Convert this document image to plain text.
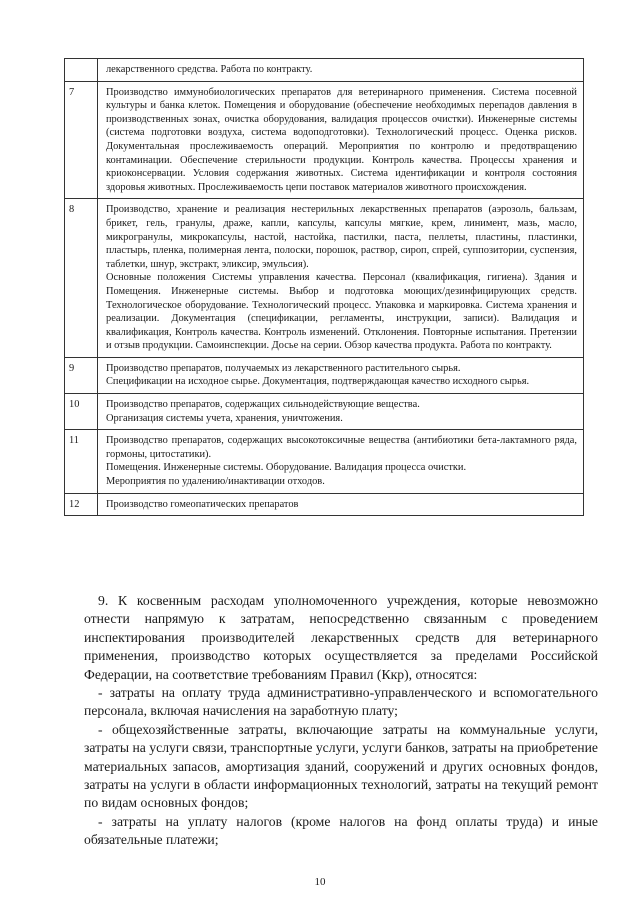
	лекарственного средства. Работа по контракту.

7	Производство иммунобиологических препаратов для ветеринарного применения. Система посевной культуры и банка клеток. Помещения и оборудование (обеспечение необходимых перепадов давления в производственных зонах, очистка оборудования, валидация процессов очистки). Инженерные системы (система подготовки воздуха, система водоподготовки). Технологический процесс. Оценка рисков. Документальная прослеживаемость операций. Мероприятия по контролю и предотвращению контаминации. Обеспечение стерильности продукции. Контроль качества. Процессы хранения и криоконсервации. Условия содержания животных. Система идентификации и контроля состояния здоровья животных. Прослеживаемость цепи поставок материалов животного происхождения.

8	Производство, хранение и реализация нестерильных лекарственных препаратов (аэрозоль, бальзам, брикет, гель, гранулы, драже, капли, капсулы, капсулы мягкие, крем, линимент, мазь, масло, микрогранулы, микрокапсулы, настой, настойка, пастилки, паста, пеллеты, пластины, пластинки, пластырь, пленка, полимерная лента, полоски, порошок, раствор, сироп, спрей, суппозитории, суспензия, таблетки, шнур, экстракт, эликсир, эмульсия).
Основные положения Системы управления качества. Персонал (квалификация, гигиена). Здания и Помещения. Инженерные системы. Выбор и подготовка моющих/дезинфицирующих средств. Технологическое оборудование. Технологический процесс. Упаковка и маркировка. Система хранения и реализации. Документация (спецификации, регламенты, инструкции, записи). Валидация и квалификация, Контроль качества. Контроль изменений. Отклонения. Повторные испытания. Претензии и отзыв продукции. Самоинспекции. Досье на серии. Обзор качества продукта. Работа по контракту.

9	Производство препаратов, получаемых из лекарственного растительного сырья.
Спецификации на исходное сырье. Документация, подтверждающая качество исходного сырья.

10	Производство препаратов, содержащих сильнодействующие вещества.
Организация системы учета, хранения, уничтожения.

11	Производство препаратов, содержащих высокотоксичные вещества (антибиотики бета-лактамного ряда, гормоны, цитостатики).
Помещения. Инженерные системы. Оборудование. Валидация процесса очистки.
Мероприятия по удалению/инактивации отходов.

12	Производство гомеопатических препаратов

9. К косвенным расходам уполномоченного учреждения, которые невозможно отнести напрямую к затратам, непосредственно связанным с проведением инспектирования производителей лекарственных средств для ветеринарного применения, производство которых осуществляется за пределами Российской Федерации, на соответствие требованиям Правил (Ккр), относятся:

- затраты на оплату труда административно-управленческого и вспомогательного персонала, включая начисления на заработную плату;

- общехозяйственные затраты, включающие затраты на коммунальные услуги, затраты на услуги связи, транспортные услуги, услуги банков, затраты на приобретение материальных запасов, амортизация зданий, сооружений и других основных фондов, затраты на услуги в области информационных технологий, затраты на текущий ремонт по видам основных фондов;

- затраты на уплату налогов (кроме налогов на фонд оплаты труда) и иные обязательные платежи;

10
